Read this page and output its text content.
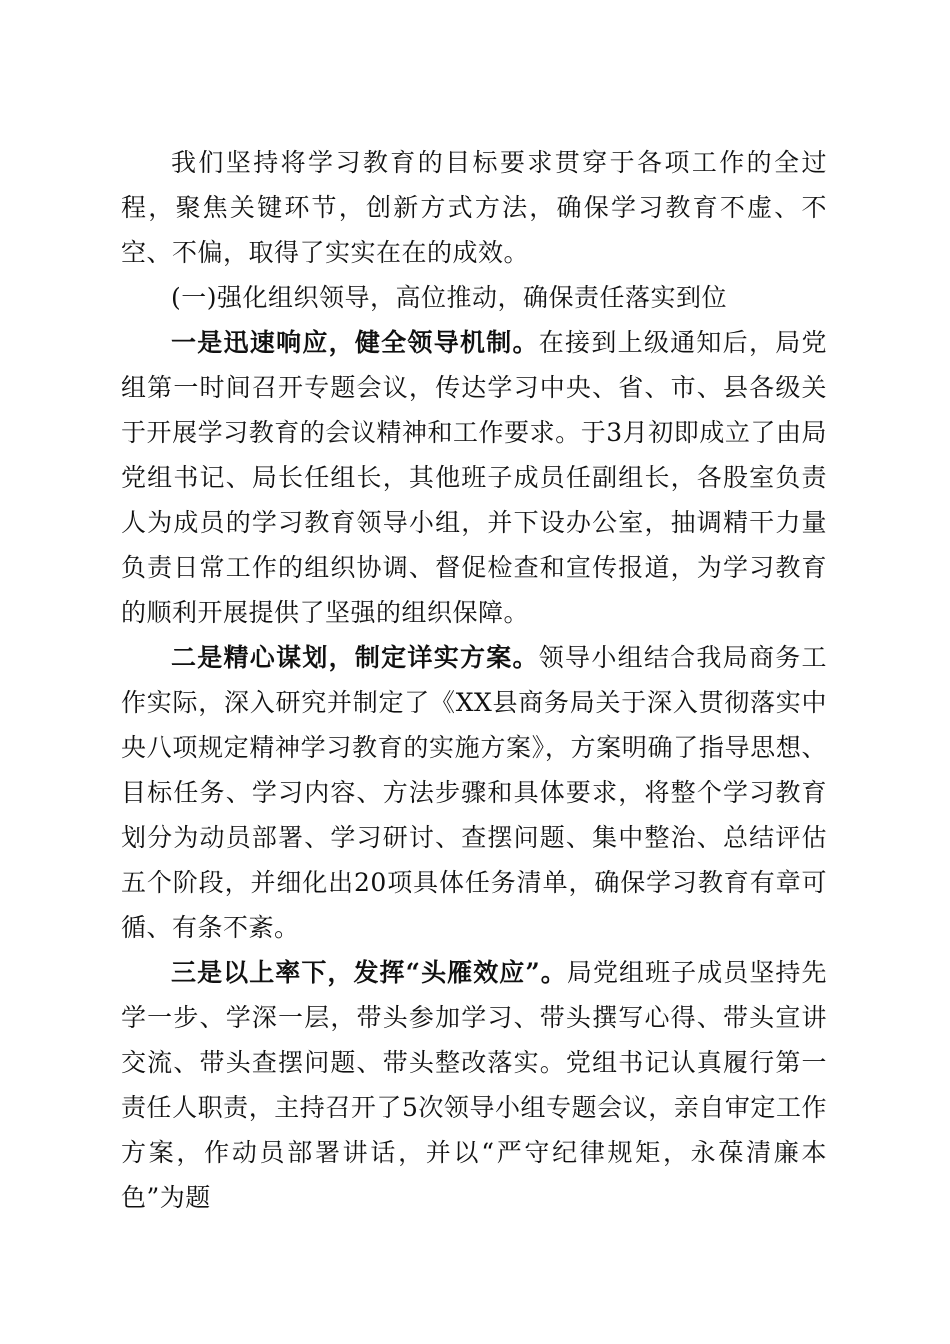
我们坚持将学习教育的目标要求贯穿于各项工作的全过程，聚焦关键环节，创新方式方法，确保学习教育不虚、不空、不偏，取得了实实在在的成效。

(一)强化组织领导，高位推动，确保责任落实到位

一是迅速响应，健全领导机制。在接到上级通知后，局党组第一时间召开专题会议，传达学习中央、省、市、县各级关于开展学习教育的会议精神和工作要求。于3月初即成立了由局党组书记、局长任组长，其他班子成员任副组长，各股室负责人为成员的学习教育领导小组，并下设办公室，抽调精干力量负责日常工作的组织协调、督促检查和宣传报道，为学习教育的顺利开展提供了坚强的组织保障。

二是精心谋划，制定详实方案。领导小组结合我局商务工作实际，深入研究并制定了《XX县商务局关于深入贯彻落实中央八项规定精神学习教育的实施方案》，方案明确了指导思想、目标任务、学习内容、方法步骤和具体要求，将整个学习教育划分为动员部署、学习研讨、查摆问题、集中整治、总结评估五个阶段，并细化出20项具体任务清单，确保学习教育有章可循、有条不紊。

三是以上率下，发挥“头雁效应”。局党组班子成员坚持先学一步、学深一层，带头参加学习、带头撰写心得、带头宣讲交流、带头查摆问题、带头整改落实。党组书记认真履行第一责任人职责，主持召开了5次领导小组专题会议，亲自审定工作方案，作动员部署讲话，并以“严守纪律规矩，永葆清廉本色”为题
